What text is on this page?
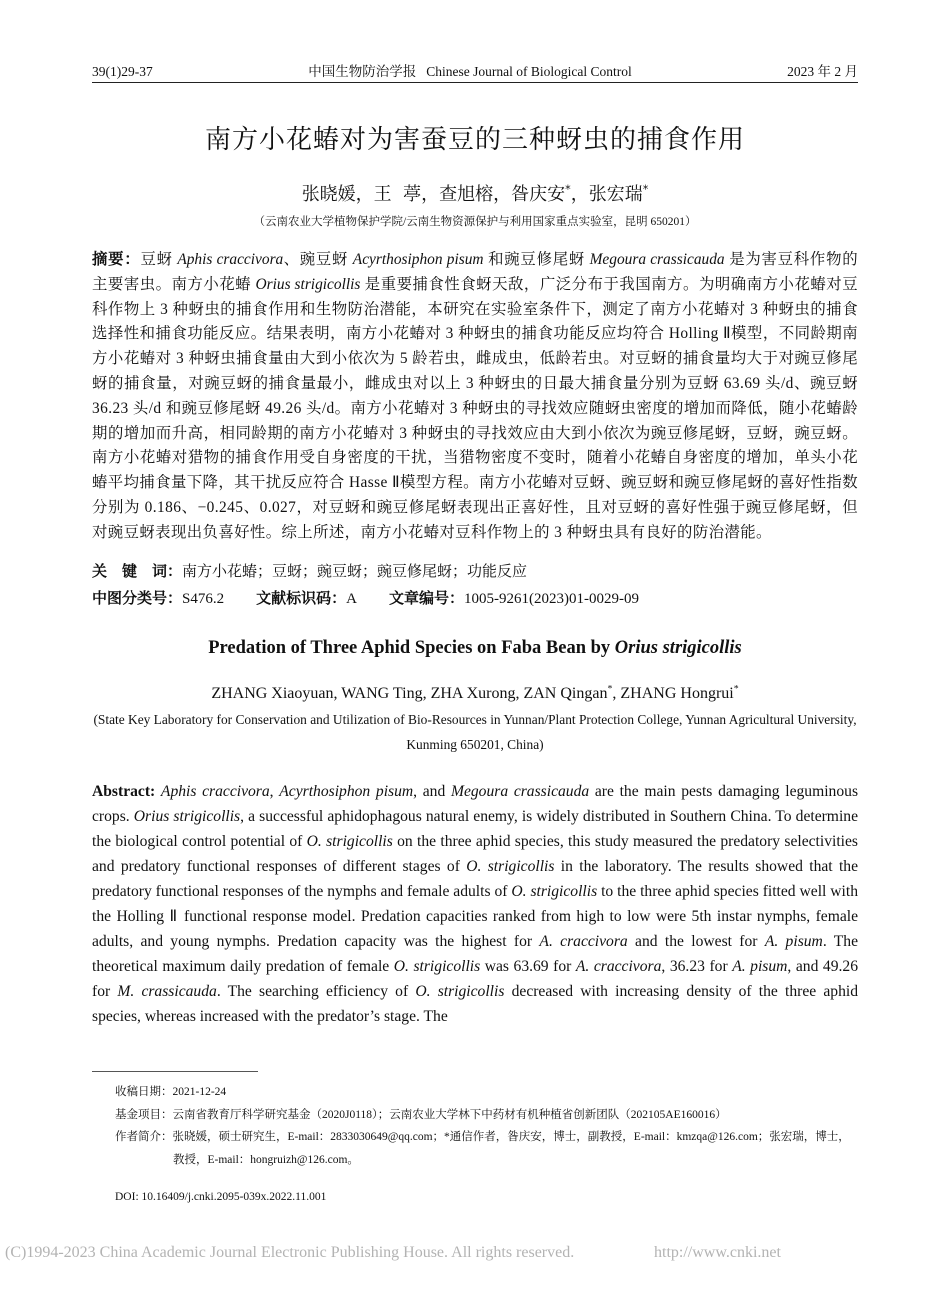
39(1)29-37	中国生物防治学报 Chinese Journal of Biological Control	2023 年 2 月
南方小花蝽对为害蚕豆的三种蚜虫的捕食作用
张晓媛，王  葶，查旭榕，昝庆安*，张宏瑞*
（云南农业大学植物保护学院/云南生物资源保护与利用国家重点实验室，昆明 650201）
摘要：豆蚜 Aphis craccivora、豌豆蚜 Acyrthosiphon pisum 和豌豆修尾蚜 Megoura crassicauda 是为害豆科作物的主要害虫。南方小花蝽 Orius strigicollis 是重要捕食性食蚜天敌，广泛分布于我国南方。为明确南方小花蝽对豆科作物上 3 种蚜虫的捕食作用和生物防治潜能，本研究在实验室条件下，测定了南方小花蝽对 3 种蚜虫的捕食选择性和捕食功能反应。结果表明，南方小花蝽对 3 种蚜虫的捕食功能反应均符合 Holling Ⅱ模型，不同龄期南方小花蝽对 3 种蚜虫捕食量由大到小依次为 5 龄若虫，雌成虫，低龄若虫。对豆蚜的捕食量均大于对豌豆修尾蚜的捕食量，对豌豆蚜的捕食量最小，雌成虫对以上 3 种蚜虫的日最大捕食量分别为豆蚜 63.69 头/d、豌豆蚜 36.23 头/d 和豌豆修尾蚜 49.26 头/d。南方小花蝽对 3 种蚜虫的寻找效应随蚜虫密度的增加而降低，随小花蝽龄期的增加而升高，相同龄期的南方小花蝽对 3 种蚜虫的寻找效应由大到小依次为豌豆修尾蚜，豆蚜，豌豆蚜。南方小花蝽对猎物的捕食作用受自身密度的干扰，当猎物密度不变时，随着小花蝽自身密度的增加，单头小花蝽平均捕食量下降，其干扰反应符合 Hasse Ⅱ模型方程。南方小花蝽对豆蚜、豌豆蚜和豌豆修尾蚜的喜好性指数分别为 0.186、−0.245、0.027，对豆蚜和豌豆修尾蚜表现出正喜好性，且对豆蚜的喜好性强于豌豆修尾蚜，但对豌豆蚜表现出负喜好性。综上所述，南方小花蝽对豆科作物上的 3 种蚜虫具有良好的防治潜能。
关　键　词：南方小花蝽；豆蚜；豌豆蚜；豌豆修尾蚜；功能反应
中图分类号：S476.2 文献标识码：A 文章编号：1005-9261(2023)01-0029-09
Predation of Three Aphid Species on Faba Bean by Orius strigicollis
ZHANG Xiaoyuan, WANG Ting, ZHA Xurong, ZAN Qingan*, ZHANG Hongrui*
(State Key Laboratory for Conservation and Utilization of Bio-Resources in Yunnan/Plant Protection College, Yunnan Agricultural University, Kunming 650201, China)
Abstract: Aphis craccivora, Acyrthosiphon pisum, and Megoura crassicauda are the main pests damaging leguminous crops. Orius strigicollis, a successful aphidophagous natural enemy, is widely distributed in Southern China. To determine the biological control potential of O. strigicollis on the three aphid species, this study measured the predatory selectivities and predatory functional responses of different stages of O. strigicollis in the laboratory. The results showed that the predatory functional responses of the nymphs and female adults of O. strigicollis to the three aphid species fitted well with the Holling Ⅱ functional response model. Predation capacities ranked from high to low were 5th instar nymphs, female adults, and young nymphs. Predation capacity was the highest for A. craccivora and the lowest for A. pisum. The theoretical maximum daily predation of female O. strigicollis was 63.69 for A. craccivora, 36.23 for A. pisum, and 49.26 for M. crassicauda. The searching efficiency of O. strigicollis decreased with increasing density of the three aphid species, whereas increased with the predator’s stage. The

收稿日期：2021-12-24

基金项目：云南省教育厅科学研究基金（2020J0118）；云南农业大学林下中药材有机种植省创新团队（202105AE160016）

作者简介：张晓媛，硕士研究生，E-mail：2833030649@qq.com；*通信作者，昝庆安，博士，副教授，E-mail：kmzqa@126.com；张宏瑞，博士，教授，E-mail：hongruizh@126.com。

DOI: 10.16409/j.cnki.2095-039x.2022.11.001
(C)1994-2023 China Academic Journal Electronic Publishing House. All rights reserved.	http://www.cnki.net
